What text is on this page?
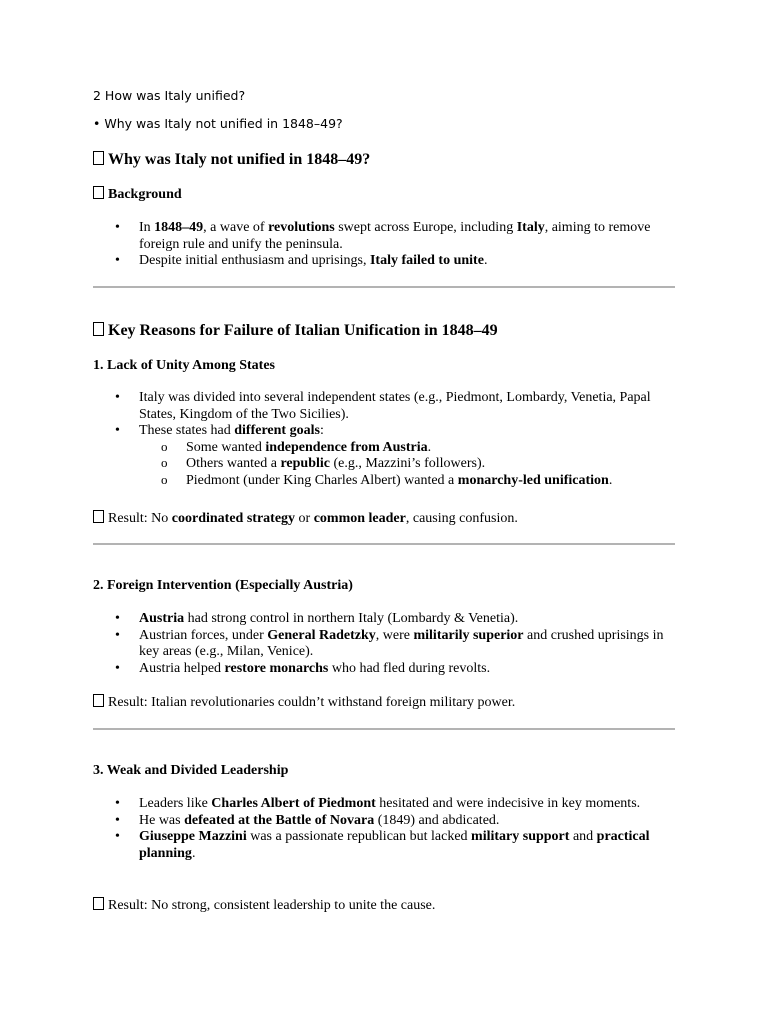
2 How was Italy unified?
• Why was Italy not unified in 1848–49?
Why was Italy not unified in 1848–49?
Background
• In 1848–49, a wave of revolutions swept across Europe, including Italy, aiming to remove foreign rule and unify the peninsula.
• Despite initial enthusiasm and uprisings, Italy failed to unite.
Key Reasons for Failure of Italian Unification in 1848–49
1. Lack of Unity Among States
• Italy was divided into several independent states (e.g., Piedmont, Lombardy, Venetia, Papal States, Kingdom of the Two Sicilies).
• These states had different goals:
o Some wanted independence from Austria.
o Others wanted a republic (e.g., Mazzini’s followers).
o Piedmont (under King Charles Albert) wanted a monarchy-led unification.
Result: No coordinated strategy or common leader, causing confusion.
2. Foreign Intervention (Especially Austria)
• Austria had strong control in northern Italy (Lombardy & Venetia).
• Austrian forces, under General Radetzky, were militarily superior and crushed uprisings in key areas (e.g., Milan, Venice).
• Austria helped restore monarchs who had fled during revolts.
Result: Italian revolutionaries couldn’t withstand foreign military power.
3. Weak and Divided Leadership
• Leaders like Charles Albert of Piedmont hesitated and were indecisive in key moments.
• He was defeated at the Battle of Novara (1849) and abdicated.
• Giuseppe Mazzini was a passionate republican but lacked military support and practical planning.
Result: No strong, consistent leadership to unite the cause.
